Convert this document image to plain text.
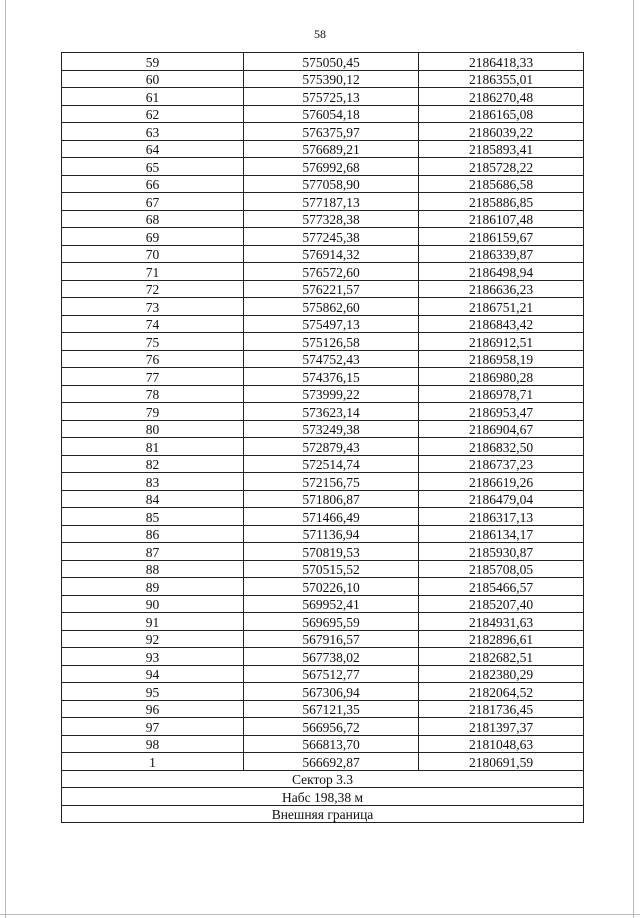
58
59	575050,45	2186418,33
60	575390,12	2186355,01
61	575725,13	2186270,48
62	576054,18	2186165,08
63	576375,97	2186039,22
64	576689,21	2185893,41
65	576992,68	2185728,22
66	577058,90	2185686,58
67	577187,13	2185886,85
68	577328,38	2186107,48
69	577245,38	2186159,67
70	576914,32	2186339,87
71	576572,60	2186498,94
72	576221,57	2186636,23
73	575862,60	2186751,21
74	575497,13	2186843,42
75	575126,58	2186912,51
76	574752,43	2186958,19
77	574376,15	2186980,28
78	573999,22	2186978,71
79	573623,14	2186953,47
80	573249,38	2186904,67
81	572879,43	2186832,50
82	572514,74	2186737,23
83	572156,75	2186619,26
84	571806,87	2186479,04
85	571466,49	2186317,13
86	571136,94	2186134,17
87	570819,53	2185930,87
88	570515,52	2185708,05
89	570226,10	2185466,57
90	569952,41	2185207,40
91	569695,59	2184931,63
92	567916,57	2182896,61
93	567738,02	2182682,51
94	567512,77	2182380,29
95	567306,94	2182064,52
96	567121,35	2181736,45
97	566956,72	2181397,37
98	566813,70	2181048,63
1	566692,87	2180691,59
Сектор 3.3		
Набс 198,38 м		
Внешняя граница		
